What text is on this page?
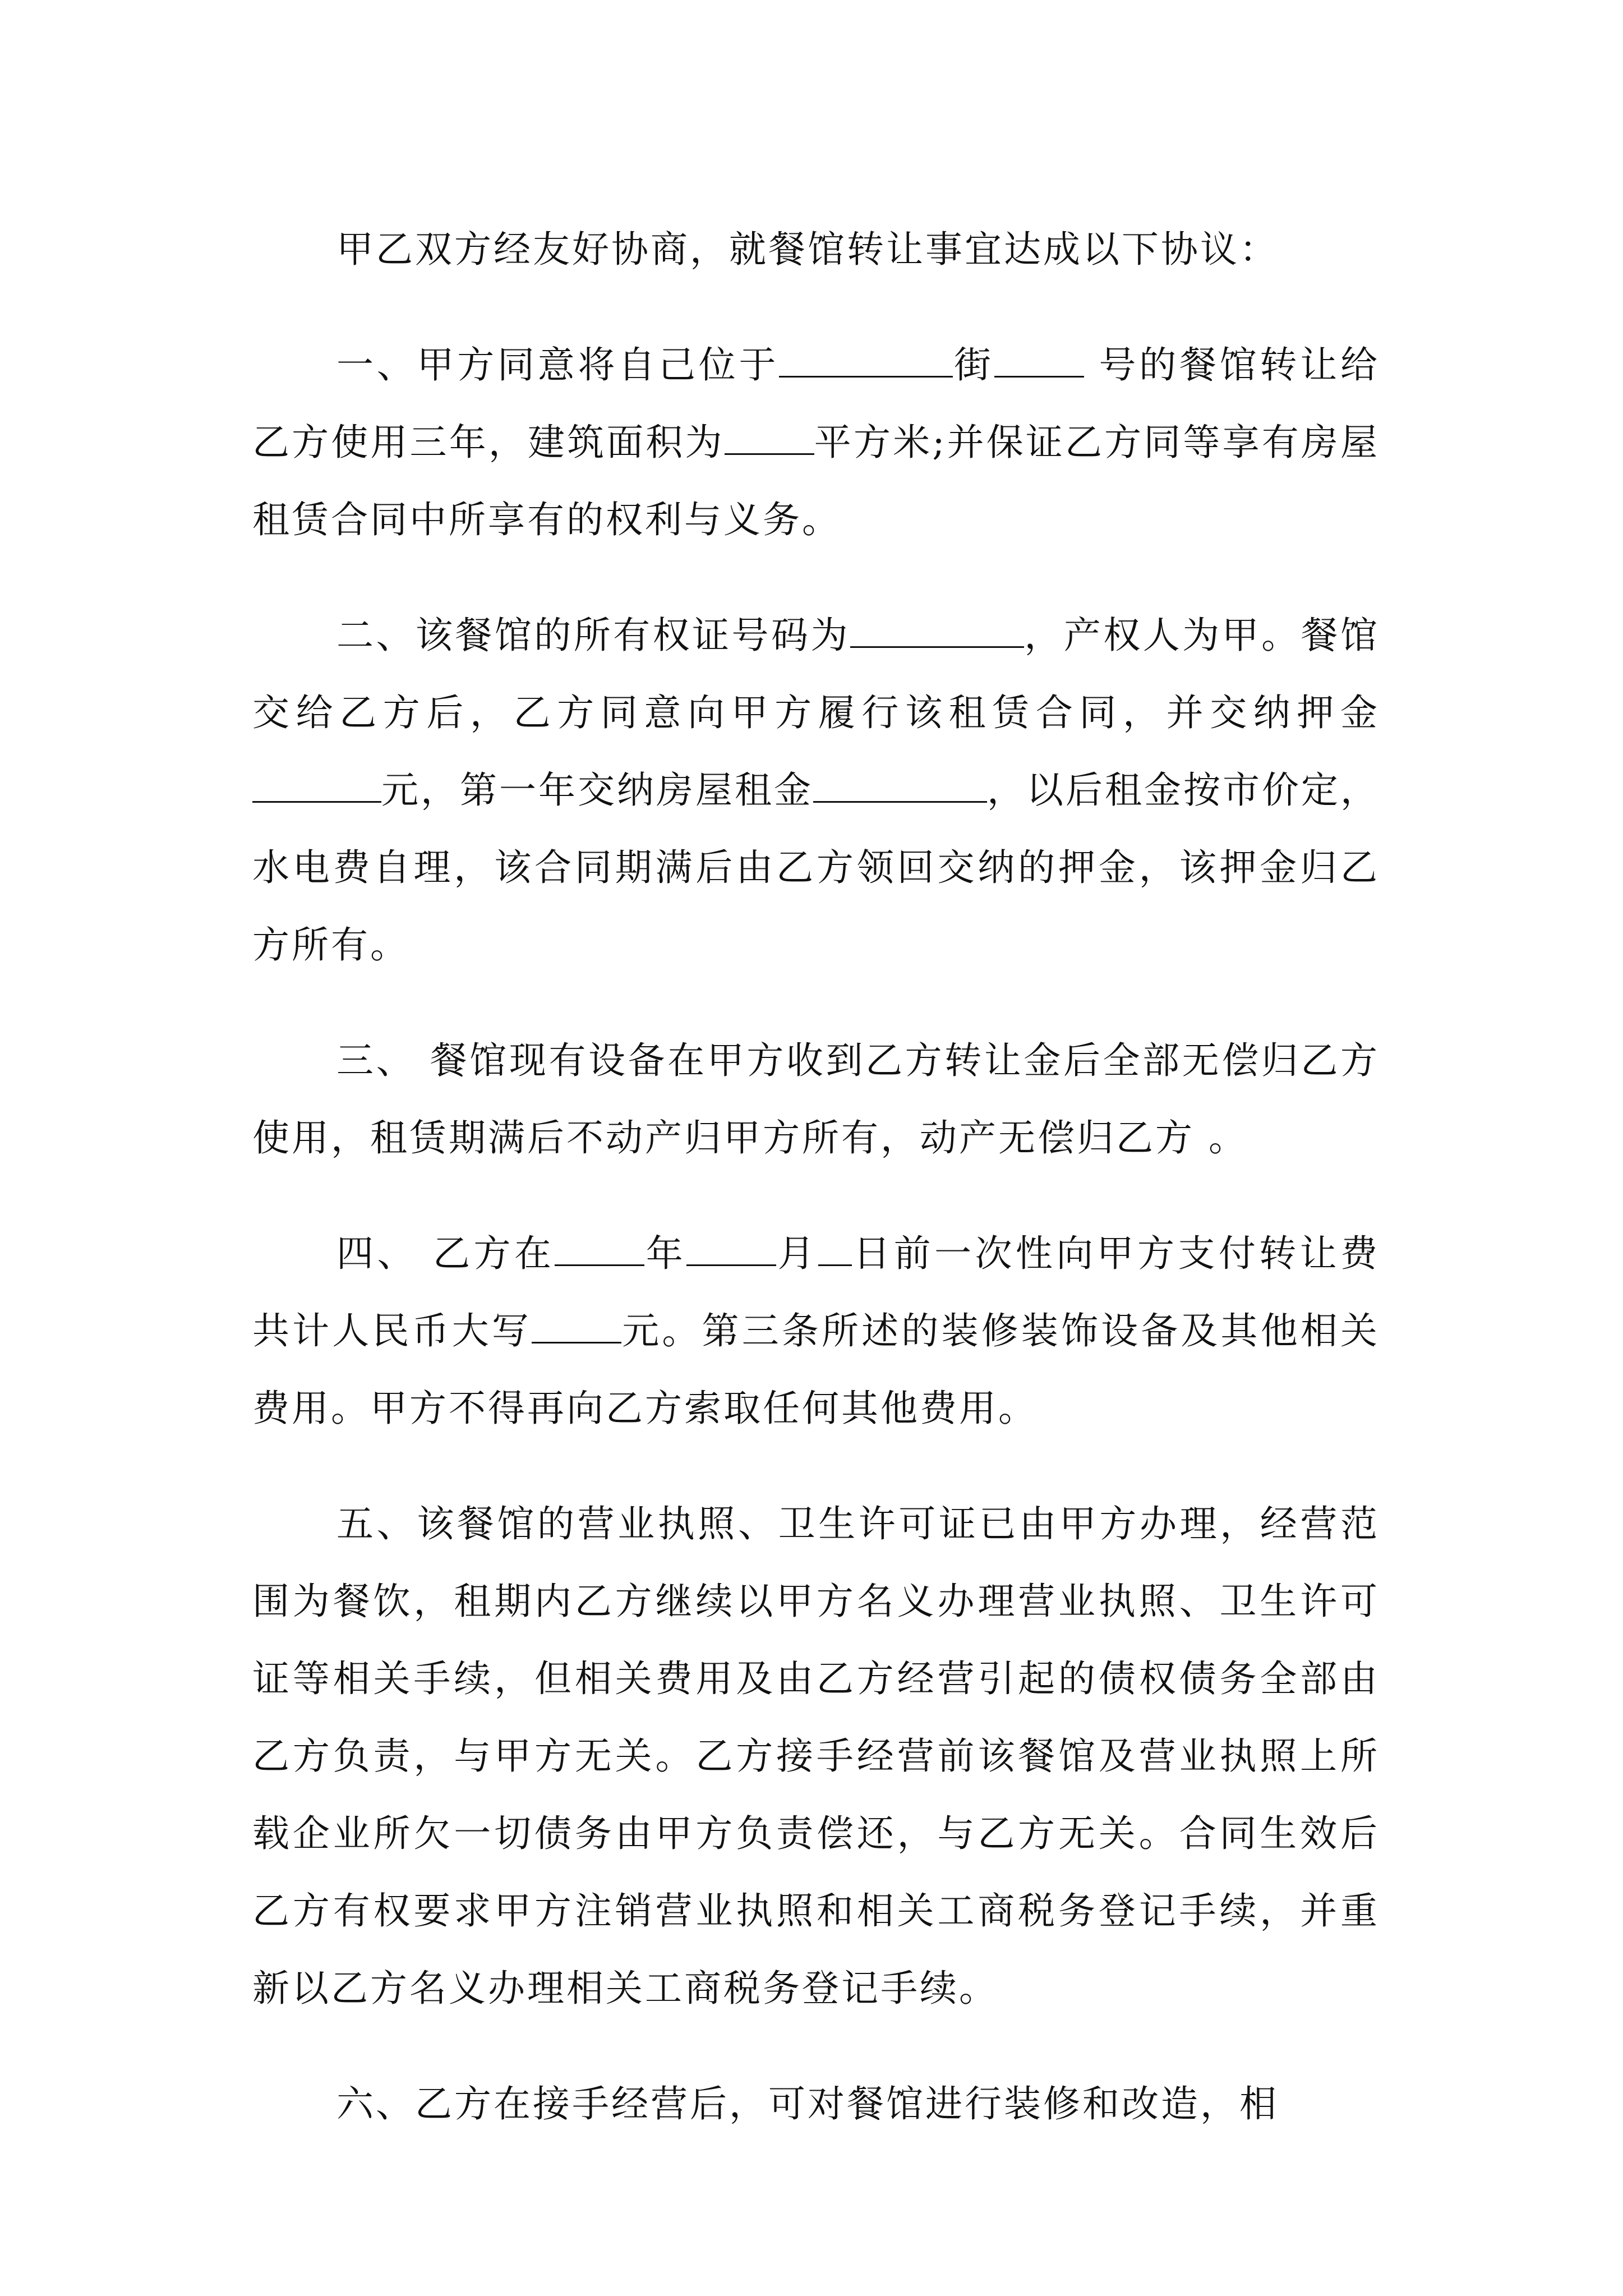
甲乙双方经友好协商，就餐馆转让事宜达成以下协议：

一、甲方同意将自己位于	街 号的餐馆转让给乙方使用三年，建筑面积为 平方米;并保证乙方同等享有房屋租赁合同中所享有的权利与义务。

二、该餐馆的所有权证号码为	，产权人为甲。餐馆交给乙方后，乙方同意向甲方履行该租赁合同，并交纳押金元，第一年交纳房屋租金	，以后租金按市价定，水电费自理，该合同期满后由乙方领回交纳的押金，该押金归乙方所有。

三、 餐馆现有设备在甲方收到乙方转让金后全部无偿归乙方使用，租赁期满后不动产归甲方所有，动产无偿归乙方 。

四、 乙方在 年 月 日前一次性向甲方支付转让费共计人民币大写 元。第三条所述的装修装饰设备及其他相关费用。甲方不得再向乙方索取任何其他费用。

五、该餐馆的营业执照、卫生许可证已由甲方办理，经营范围为餐饮，租期内乙方继续以甲方名义办理营业执照、卫生许可证等相关手续，但相关费用及由乙方经营引起的债权债务全部由乙方负责，与甲方无关。乙方接手经营前该餐馆及营业执照上所载企业所欠一切债务由甲方负责偿还，与乙方无关。合同生效后乙方有权要求甲方注销营业执照和相关工商税务登记手续，并重新以乙方名义办理相关工商税务登记手续。

六、乙方在接手经营后，可对餐馆进行装修和改造，相
